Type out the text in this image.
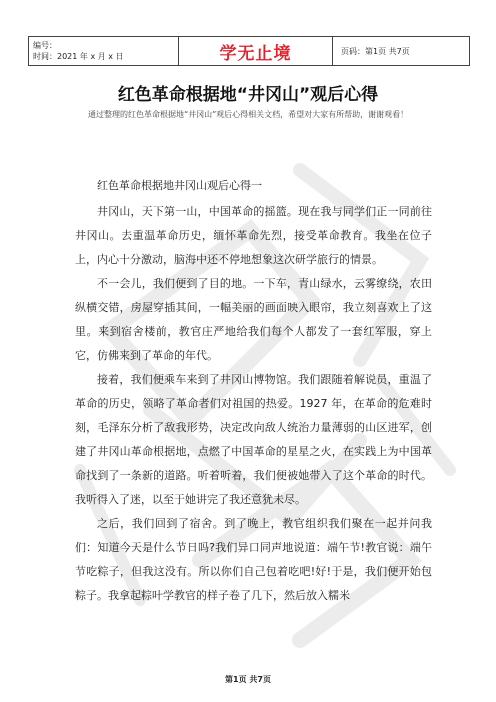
编号：
时间：2021 年 x 月 x 日	学无止境	页码：第1页 共7页
红色革命根据地“井冈山”观后心得
通过整理的红色革命根据地“井冈山”观后心得相关文档，希望对大家有所帮助，谢谢观看！

红色革命根据地井冈山观后心得一

井冈山，天下第一山，中国革命的摇篮。现在我与同学们正一同前往井冈山。去重温革命历史，缅怀革命先烈，接受革命教育。我坐在位子上，内心十分激动，脑海中还不停地想象这次研学旅行的情景。

不一会儿，我们便到了目的地。一下车，青山绿水，云雾缭绕，农田纵横交错，房屋穿插其间，一幅美丽的画面映入眼帘，我立刻喜欢上了这里。来到宿舍楼前，教官庄严地给我们每个人都发了一套红军服，穿上它，仿佛来到了革命的年代。

接着，我们便乘车来到了井冈山博物馆。我们跟随着解说员，重温了革命的历史，领略了革命者们对祖国的热爱。1927 年，在革命的危难时刻，毛泽东分析了敌我形势，决定改向敌人统治力量薄弱的山区进军，创建了井冈山革命根据地，点燃了中国革命的星星之火，在实践上为中国革命找到了一条新的道路。听着听着，我们便被她带入了这个革命的时代。我听得入了迷，以至于她讲完了我还意犹未尽。

之后，我们回到了宿舍。到了晚上，教官组织我们聚在一起并问我们：知道今天是什么节日吗?我们异口同声地说道：端午节!教官说：端午节吃粽子，但我这没有。所以你们自己包着吃吧!好!于是，我们便开始包粽子。我拿起粽叶学教官的样子卷了几下，然后放入糯米

第1页 共7页
